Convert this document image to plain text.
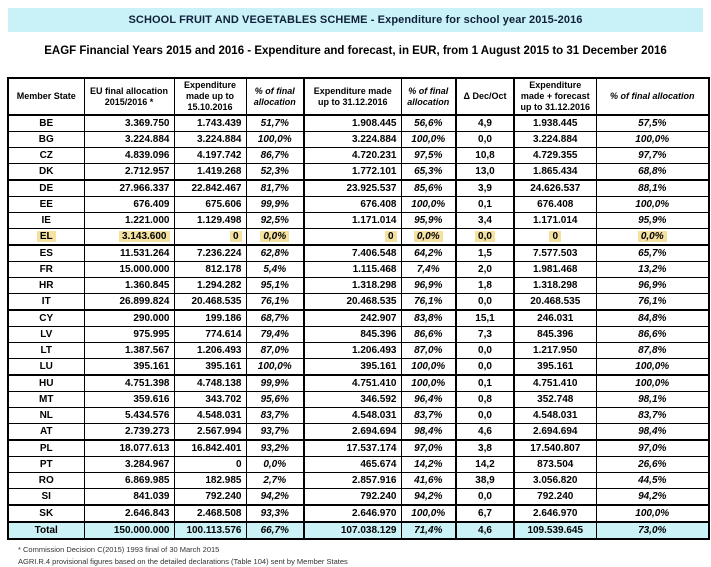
SCHOOL FRUIT AND VEGETABLES SCHEME - Expenditure for school year 2015-2016
EAGF Financial Years 2015 and 2016 - Expenditure and forecast, in EUR, from 1 August 2015 to 31 December 2016
Member State	EU final allocation 2015/2016 *	Expenditure made up to 15.10.2016	% of final allocation	Expenditure made up to 31.12.2016	% of final allocation	Δ Dec/Oct	Expenditure made + forecast up to 31.12.2016	% of final allocation
BE	3.369.750	1.743.439	51,7%	1.908.445	56,6%	4,9	1.938.445	57,5%
BG	3.224.884	3.224.884	100,0%	3.224.884	100,0%	0,0	3.224.884	100,0%
CZ	4.839.096	4.197.742	86,7%	4.720.231	97,5%	10,8	4.729.355	97,7%
DK	2.712.957	1.419.268	52,3%	1.772.101	65,3%	13,0	1.865.434	68,8%
DE	27.966.337	22.842.467	81,7%	23.925.537	85,6%	3,9	24.626.537	88,1%
EE	676.409	675.606	99,9%	676.408	100,0%	0,1	676.408	100,0%
IE	1.221.000	1.129.498	92,5%	1.171.014	95,9%	3,4	1.171.014	95,9%
EL	3.143.600	0	0,0%	0	0,0%	0,0	0	0,0%
ES	11.531.264	7.236.224	62,8%	7.406.548	64,2%	1,5	7.577.503	65,7%
FR	15.000.000	812.178	5,4%	1.115.468	7,4%	2,0	1.981.468	13,2%
HR	1.360.845	1.294.282	95,1%	1.318.298	96,9%	1,8	1.318.298	96,9%
IT	26.899.824	20.468.535	76,1%	20.468.535	76,1%	0,0	20.468.535	76,1%
CY	290.000	199.186	68,7%	242.907	83,8%	15,1	246.031	84,8%
LV	975.995	774.614	79,4%	845.396	86,6%	7,3	845.396	86,6%
LT	1.387.567	1.206.493	87,0%	1.206.493	87,0%	0,0	1.217.950	87,8%
LU	395.161	395.161	100,0%	395.161	100,0%	0,0	395.161	100,0%
HU	4.751.398	4.748.138	99,9%	4.751.410	100,0%	0,1	4.751.410	100,0%
MT	359.616	343.702	95,6%	346.592	96,4%	0,8	352.748	98,1%
NL	5.434.576	4.548.031	83,7%	4.548.031	83,7%	0,0	4.548.031	83,7%
AT	2.739.273	2.567.994	93,7%	2.694.694	98,4%	4,6	2.694.694	98,4%
PL	18.077.613	16.842.401	93,2%	17.537.174	97,0%	3,8	17.540.807	97,0%
PT	3.284.967	0	0,0%	465.674	14,2%	14,2	873.504	26,6%
RO	6.869.985	182.985	2,7%	2.857.916	41,6%	38,9	3.056.820	44,5%
SI	841.039	792.240	94,2%	792.240	94,2%	0,0	792.240	94,2%
SK	2.646.843	2.468.508	93,3%	2.646.970	100,0%	6,7	2.646.970	100,0%
Total	150.000.000	100.113.576	66,7%	107.038.129	71,4%	4,6	109.539.645	73,0%
* Commission Decision C(2015) 1993 final of 30 March 2015
AGRI.R.4 provisional figures based on the detailed declarations (Table 104) sent by Member States
